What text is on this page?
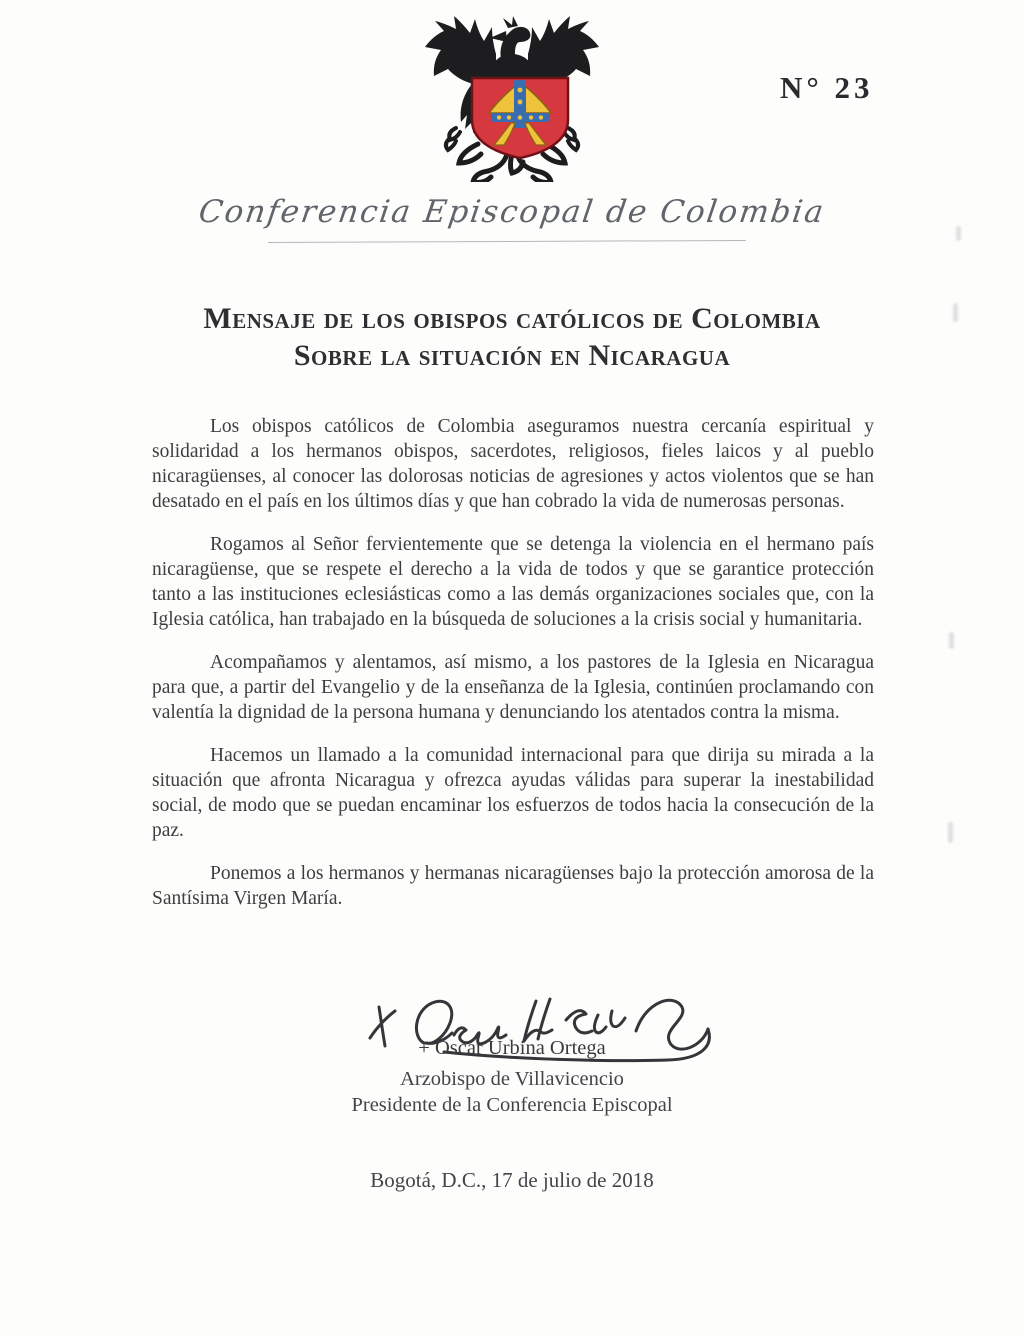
N° 23
Conferencia Episcopal de Colombia
Mensaje de los obispos católicos de Colombia
Sobre la situación en Nicaragua

Los obispos católicos de Colombia aseguramos nuestra cercanía espiritual y solidaridad a los hermanos obispos, sacerdotes, religiosos, fieles laicos y al pueblo nicaragüenses, al conocer las dolorosas noticias de agresiones y actos violentos que se han desatado en el país en los últimos días y que han cobrado la vida de numerosas personas.

Rogamos al Señor fervientemente que se detenga la violencia en el hermano país nicaragüense, que se respete el derecho a la vida de todos y que se garantice protección tanto a las instituciones eclesiásticas como a las demás organizaciones sociales que, con la Iglesia católica, han trabajado en la búsqueda de soluciones a la crisis social y humanitaria.

Acompañamos y alentamos, así mismo, a los pastores de la Iglesia en Nicaragua para que, a partir del Evangelio y de la enseñanza de la Iglesia, continúen proclamando con valentía la dignidad de la persona humana y denunciando los atentados contra la misma.

Hacemos un llamado a la comunidad internacional para que dirija su mirada a la situación que afronta Nicaragua y ofrezca ayudas válidas para superar la inestabilidad social, de modo que se puedan encaminar los esfuerzos de todos hacia la consecución de la paz.

Ponemos a los hermanos y hermanas nicaragüenses bajo la protección amorosa de la Santísima Virgen María.

+ Oscar Urbina Ortega
Arzobispo de Villavicencio
Presidente de la Conferencia Episcopal
Bogotá, D.C., 17 de julio de 2018
